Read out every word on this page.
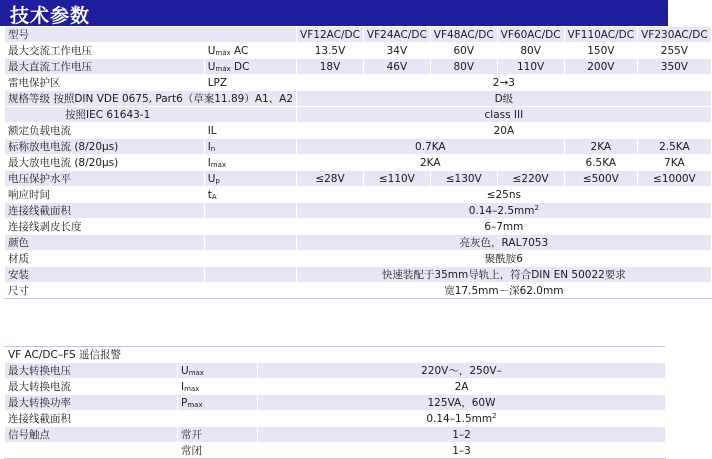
技术参数
型号		VF12AC/DC	VF24AC/DC	VF48AC/DC	VF60AC/DC	VF110AC/DC	VF230AC/DC
最大交流工作电压	Umax AC	13.5V	34V	60V	80V	150V	255V
最大直流工作电压	Umax DC	18V	46V	80V	110V	200V	350V
雷电保护区	LPZ	2→3					
规格等级 按照DIN VDE 0675, Part6（草案11.89）A1、A2		D级					
按照IEC 61643-1		class III					
额定负载电流	IL	20A					
标称放电电流 (8/20μs)	In	0.7KA				2KA	2.5KA
最大放电电流 (8/20μs)	Imax	2KA				6.5KA	7KA
电压保护水平	Up	≤28V	≤110V	≤130V	≤220V	≤500V	≤1000V
响应时间	tA	≤25ns					
连接线截面积		$0.14-2.5mm^2$
连接线剥皮长度		6–7mm					
颜色		亮灰色，RAL7053					
材质		聚酰胺6					
安装		快速装配于35mm导轨上，符合DIN EN 50022要求					
尺寸		宽17.5mm－深62.0mm					
VF AC/DC–FS 遥信报警		
最大转换电压	Umax	220V～，250V–
最大转换电流	Imax	2A
最大转换功率	Pmax	125VA，60W
连接线截面积		$0.14-1.5mm^2$
信号触点	常开	1–2
	常闭	1–3
